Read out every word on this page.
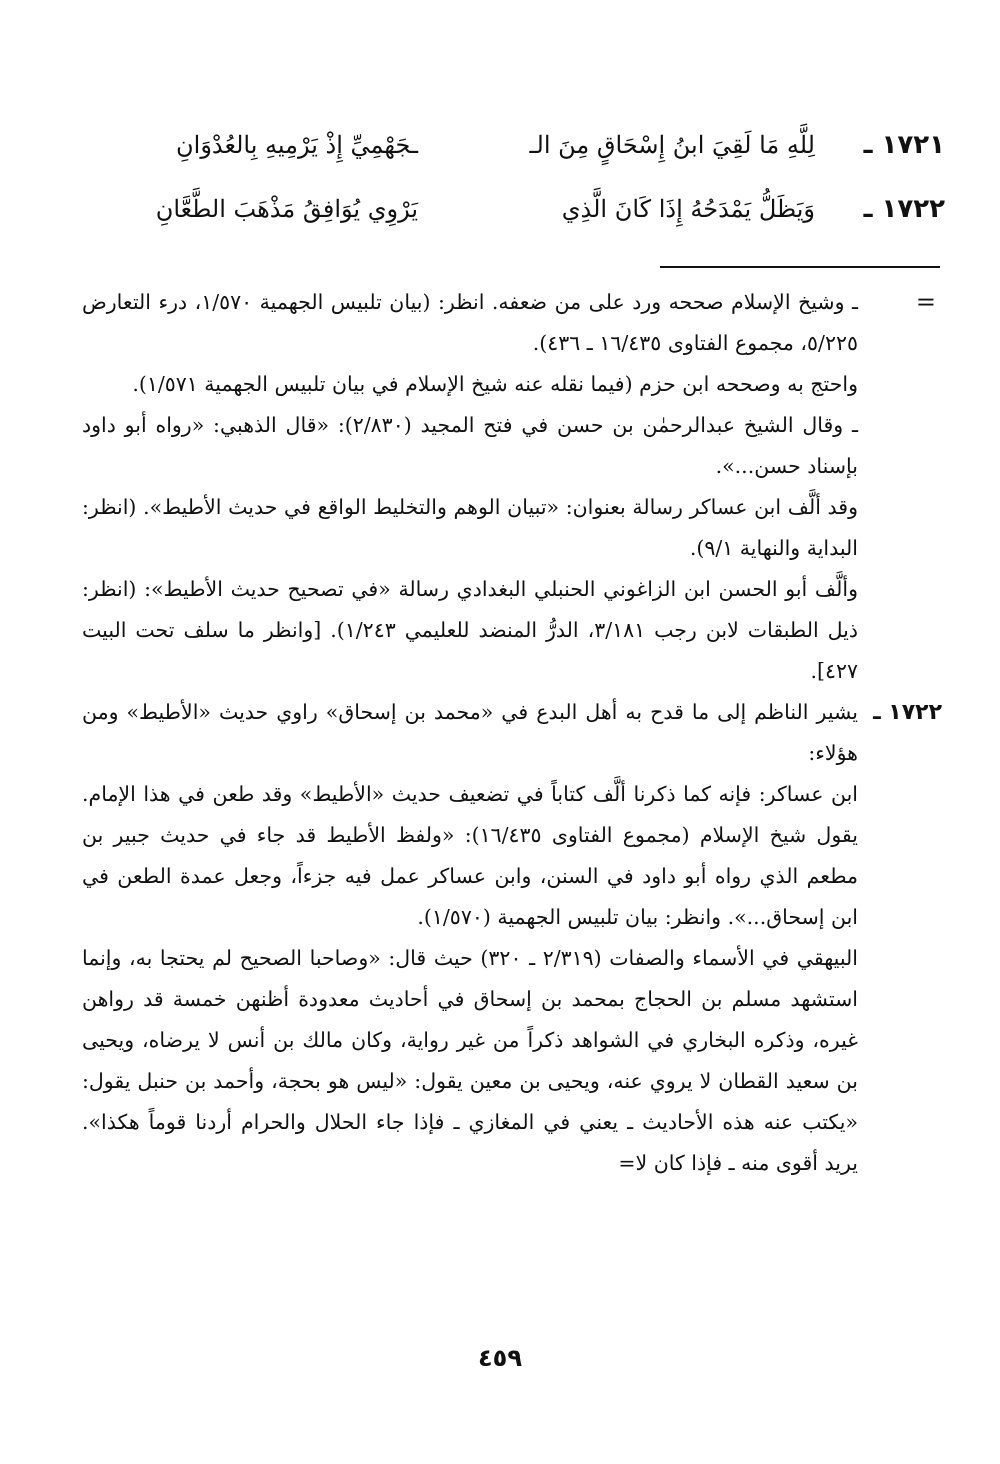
١٧٢١ ـ
لِلَّهِ مَا لَقِيَ ابنُ إِسْحَاقٍ مِنَ الـ
ـجَهْمِيِّ إِذْ يَرْمِيهِ بِالعُدْوَانِ
١٧٢٢ ـ
وَيَظَلُّ يَمْدَحُهُ إِذَا كَانَ الَّذِي
يَرْوِي يُوَافِقُ مَذْهَبَ الطَّعَّانِ
=

ـ وشيخ الإسلام صححه ورد على من ضعفه. انظر: (بيان تلبيس الجهمية ١/٥٧٠، درء التعارض ٥/٢٢٥، مجموع الفتاوى ١٦/٤٣٥ ـ ٤٣٦).

واحتج به وصححه ابن حزم (فيما نقله عنه شيخ الإسلام في بيان تلبيس الجهمية ١/٥٧١).

ـ وقال الشيخ عبدالرحمٰن بن حسن في فتح المجيد (٢/٨٣٠): «قال الذهبي: «رواه أبو داود بإسناد حسن...».

وقد ألَّف ابن عساكر رسالة بعنوان: «تبيان الوهم والتخليط الواقع في حديث الأطيط». (انظر: البداية والنهاية ٩/١).

وألَّف أبو الحسن ابن الزاغوني الحنبلي البغدادي رسالة «في تصحيح حديث الأطيط»: (انظر: ذيل الطبقات لابن رجب ٣/١٨١، الدرُّ المنضد للعليمي ١/٢٤٣). [وانظر ما سلف تحت البيت ٤٢٧].

١٧٢٢ ـ

يشير الناظم إلى ما قدح به أهل البدع في «محمد بن إسحاق» راوي حديث «الأطيط» ومن هؤلاء:

ابن عساكر: فإنه كما ذكرنا ألَّف كتاباً في تضعيف حديث «الأطيط» وقد طعن في هذا الإمام. يقول شيخ الإسلام (مجموع الفتاوى ١٦/٤٣٥): «ولفظ الأطيط قد جاء في حديث جبير بن مطعم الذي رواه أبو داود في السنن، وابن عساكر عمل فيه جزءاً، وجعل عمدة الطعن في ابن إسحاق...». وانظر: بيان تلبيس الجهمية (١/٥٧٠).

البيهقي في الأسماء والصفات (٢/٣١٩ ـ ٣٢٠) حيث قال: «وصاحبا الصحيح لم يحتجا به، وإنما استشهد مسلم بن الحجاج بمحمد بن إسحاق في أحاديث معدودة أظنهن خمسة قد رواهن غيره، وذكره البخاري في الشواهد ذكراً من غير رواية، وكان مالك بن أنس لا يرضاه، ويحيى بن سعيد القطان لا يروي عنه، ويحيى بن معين يقول: «ليس هو بحجة، وأحمد بن حنبل يقول: «يكتب عنه هذه الأحاديث ـ يعني في المغازي ـ فإذا جاء الحلال والحرام أردنا قوماً هكذا». يريد أقوى منه ـ فإذا كان لا=

٤٥٩
